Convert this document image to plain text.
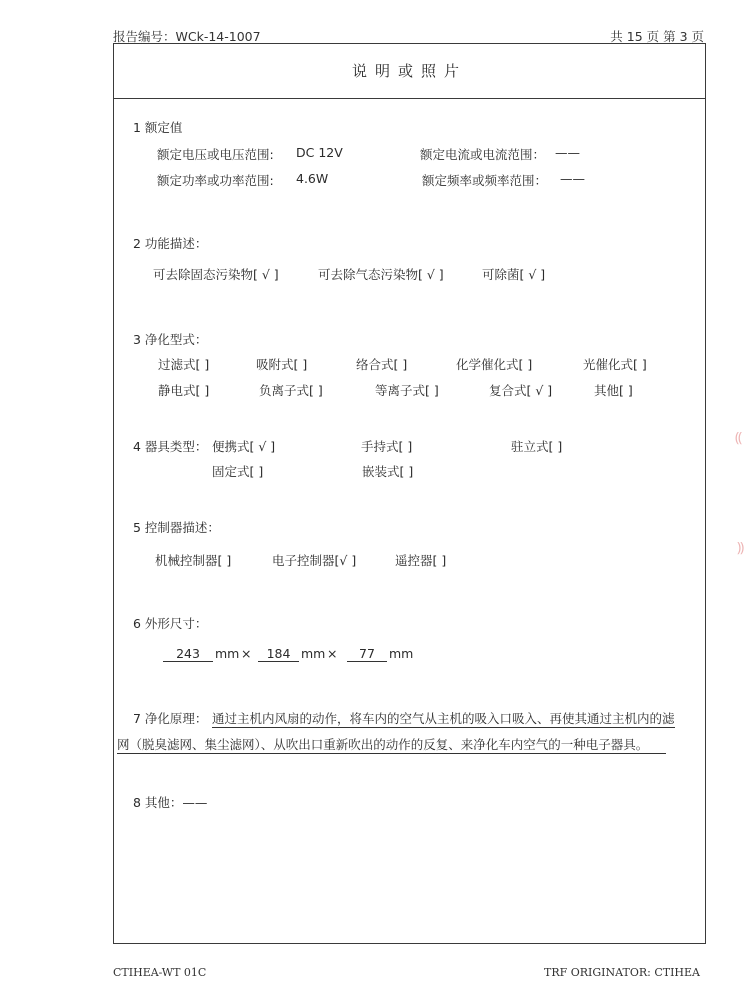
报告编号：WCk-14-1007	共 15 页 第 3 页
说明或照片
1 额定值
额定电压或电压范围: DC 12V	额定电流或电流范围： ——
额定功率或功率范围: 4.6W	额定频率或频率范围： ——
2 功能描述：
可去除固态污染物[ √ ]	可去除气态污染物[ √ ]	可除菌[ √ ]
3 净化型式：
过滤式[ ]	吸附式[ ]	络合式[ ]	化学催化式[ ]	光催化式[ ]
静电式[ ]	负离子式[ ]	等离子式[ ]	复合式[ √ ]	其他[ ]
4 器具类型： 便携式[ √ ]	手持式[ ]	驻立式[ ]
固定式[ ]	嵌装式[ ]
5 控制器描述：
机械控制器[ ]	电子控制器[√ ]	遥控器[ ]
6 外形尺寸：
243	mm ×	184 mm ×	77	mm
7 净化原理： 通过主机内风扇的动作，将车内的空气从主机的吸入口吸入、再使其通过主机内的滤
网（脱臭滤网、集尘滤网）、从吹出口重新吹出的动作的反复、来净化车内空气的一种电子器具。
8 其他：——
CTIHEA-WT 01C	TRF ORIGINATOR: CTIHEA
⸨
⸩
